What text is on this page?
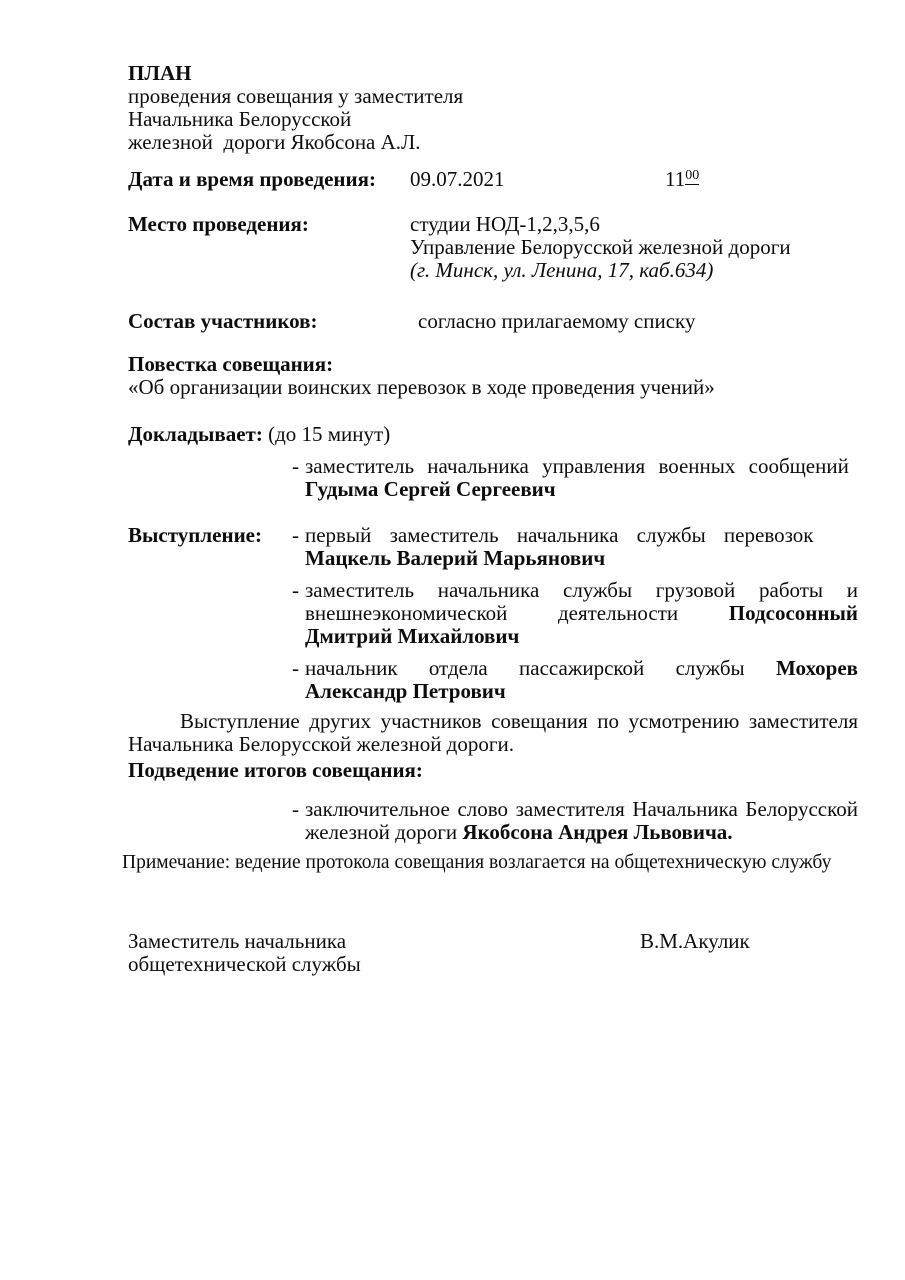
ПЛАН
проведения совещания у заместителя
Начальника Белорусской
железной  дороги Якобсона А.Л.
Дата и время проведения: 09.07.2021	$11^{00}$
Место проведения:	студии НОД-1,2,3,5,6
Управление Белорусской железной дороги
(г. Минск, ул. Ленина, 17, каб.634)
Состав участников:	согласно прилагаемому списку
Повестка совещания:
«Об организации воинских перевозок в ходе проведения учений»
Докладывает: (до 15 минут)

- заместитель начальника управления военных сообщений
Гудыма Сергей Сергеевич

Выступление: - первый заместитель начальника службы перевозок
Мацкель Валерий Марьянович

- заместитель начальника службы грузовой работы и внешнеэкономической деятельности Подсосонный Дмитрий Михайлович

- начальник отдела пассажирской службы Мохорев Александр Петрович

Выступление других участников совещания по усмотрению заместителя Начальника Белорусской железной дороги.

Подведение итогов совещания:

- заключительное слово заместителя Начальника Белорусской железной дороги Якобсона Андрея Львовича.

Примечание: ведение протокола совещания возлагается на общетехническую службу
Заместитель начальника
общетехнической службы
В.М.Акулик
